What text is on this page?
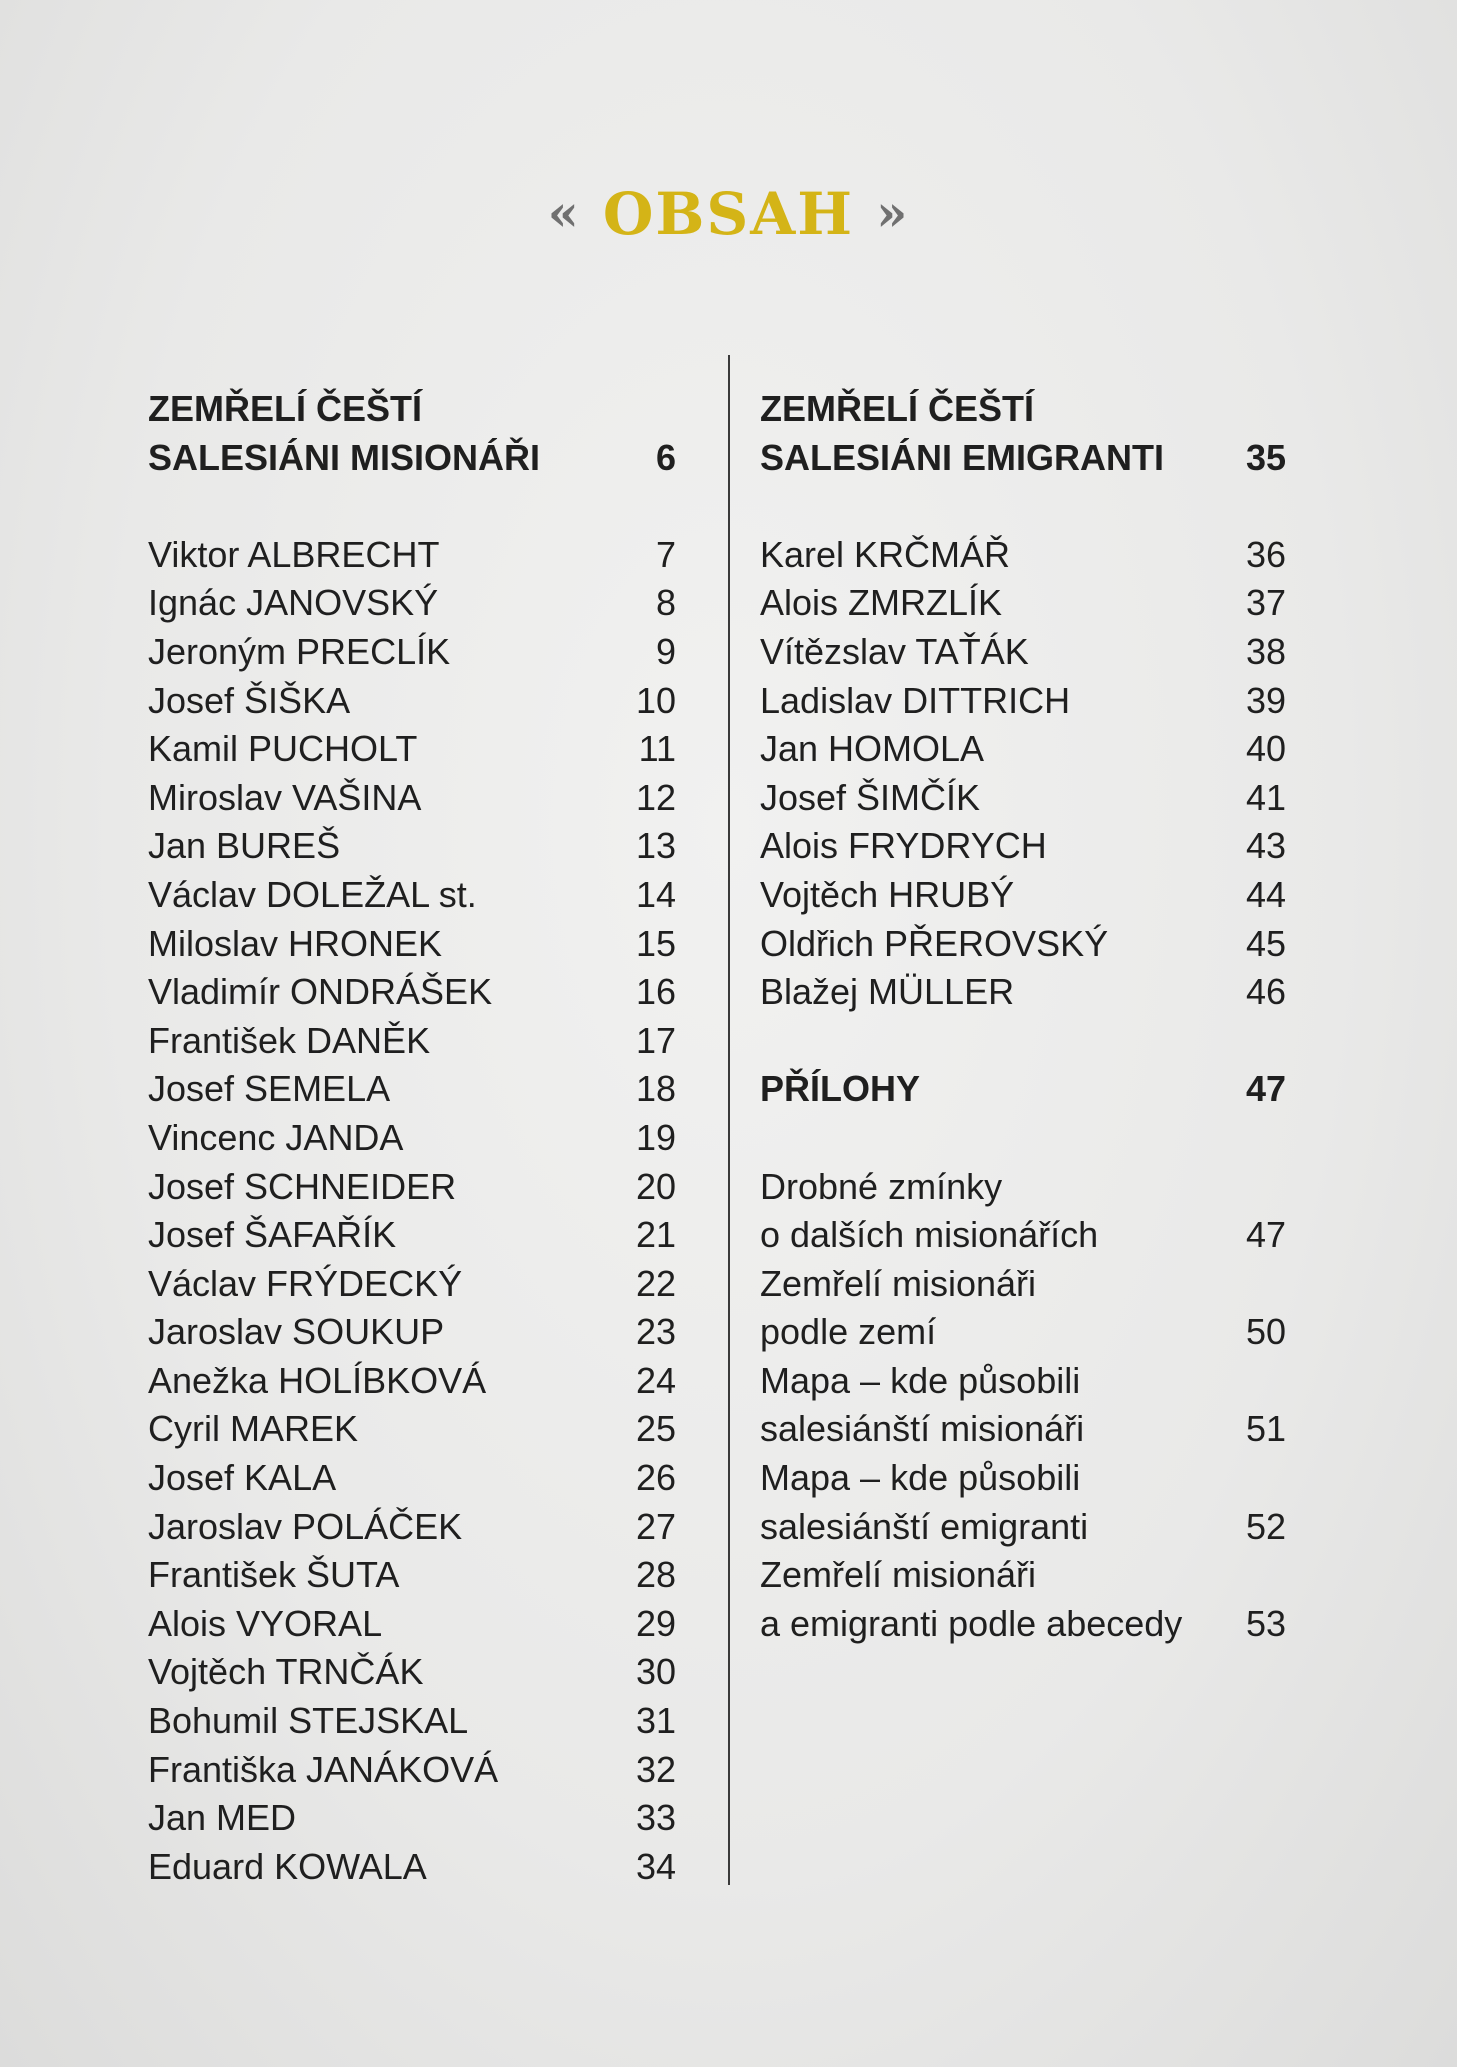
« OBSAH »
ZEMŘELÍ ČEŠTÍ
SALESIÁNI MISIONÁŘI	6
Viktor ALBRECHT	7
Ignác JANOVSKÝ	8
Jeroným PRECLÍK	9
Josef ŠIŠKA	10
Kamil PUCHOLT	11
Miroslav VAŠINA	12
Jan BUREŠ	13
Václav DOLEŽAL st.	14
Miloslav HRONEK	15
Vladimír ONDRÁŠEK	16
František DANĚK	17
Josef SEMELA	18
Vincenc JANDA	19
Josef SCHNEIDER	20
Josef ŠAFAŘÍK	21
Václav FRÝDECKÝ	22
Jaroslav SOUKUP	23
Anežka HOLÍBKOVÁ	24
Cyril MAREK	25
Josef KALA	26
Jaroslav POLÁČEK	27
František ŠUTA	28
Alois VYORAL	29
Vojtěch TRNČÁK	30
Bohumil STEJSKAL	31
Františka JANÁKOVÁ	32
Jan MED	33
Eduard KOWALA	34
ZEMŘELÍ ČEŠTÍ
SALESIÁNI EMIGRANTI 35
Karel KRČMÁŘ	36
Alois ZMRZLÍK	37
Vítězslav TAŤÁK	38
Ladislav DITTRICH	39
Jan HOMOLA	40
Josef ŠIMČÍK	41
Alois FRYDRYCH	43
Vojtěch HRUBÝ	44
Oldřich PŘEROVSKÝ	45
Blažej MÜLLER	46
PŘÍLOHY	47
Drobné zmínky
o dalších misionářích	47
Zemřelí misionáři
podle zemí	50
Mapa – kde působili
salesiánští misionáři	51
Mapa – kde působili
salesiánští emigranti	52
Zemřelí misionáři
a emigranti podle abecedy 53
